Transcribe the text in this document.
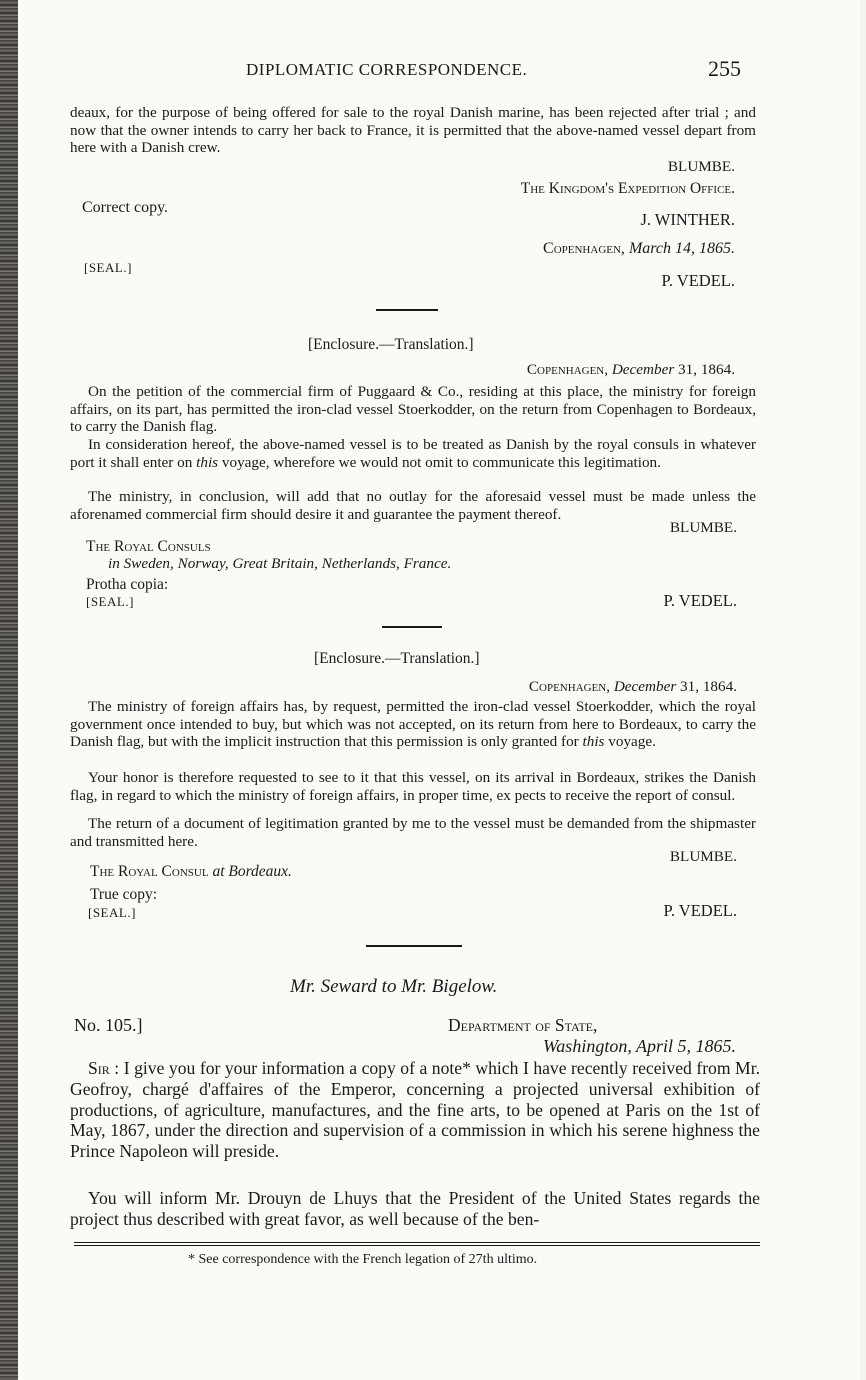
DIPLOMATIC CORRESPONDENCE.	255
deaux, for the purpose of being offered for sale to the royal Danish marine, has been rejected after trial ; and now that the owner intends to carry her back to France, it is permitted that the above-named vessel depart from here with a Danish crew.
BLUMBE.
The Kingdom's Expedition Office.
Correct copy.
J. WINTHER.
Copenhagen, March 14, 1865.
[SEAL.]
P. VEDEL.
[Enclosure.—Translation.]
Copenhagen, December 31, 1864.
On the petition of the commercial firm of Puggaard & Co., residing at this place, the ministry for foreign affairs, on its part, has permitted the iron-clad vessel Stoerkodder, on the return from Copenhagen to Bordeaux, to carry the Danish flag.
In consideration hereof, the above-named vessel is to be treated as Danish by the royal consuls in whatever port it shall enter on this voyage, wherefore we would not omit to communicate this legitimation.
The ministry, in conclusion, will add that no outlay for the aforesaid vessel must be made unless the aforenamed commercial firm should desire it and guarantee the payment thereof.
BLUMBE.
The Royal Consuls
in Sweden, Norway, Great Britain, Netherlands, France.
Protha copia:
[SEAL.]	P. VEDEL.
[Enclosure.—Translation.]
Copenhagen, December 31, 1864.
The ministry of foreign affairs has, by request, permitted the iron-clad vessel Stoerkodder, which the royal government once intended to buy, but which was not accepted, on its return from here to Bordeaux, to carry the Danish flag, but with the implicit instruction that this permission is only granted for this voyage.
Your honor is therefore requested to see to it that this vessel, on its arrival in Bordeaux, strikes the Danish flag, in regard to which the ministry of foreign affairs, in proper time, ex pects to receive the report of consul.
The return of a document of legitimation granted by me to the vessel must be demanded from the shipmaster and transmitted here.
BLUMBE.
The Royal Consul at Bordeaux.
True copy:
[SEAL.]	P. VEDEL.
Mr. Seward to Mr. Bigelow.
No. 105.]	Department of State,
Washington, April 5, 1865.
Sir : I give you for your information a copy of a note* which I have recently received from Mr. Geofroy, chargé d'affaires of the Emperor, concerning a projected universal exhibition of productions, of agriculture, manufactures, and the fine arts, to be opened at Paris on the 1st of May, 1867, under the direction and supervision of a commission in which his serene highness the Prince Napoleon will preside.
You will inform Mr. Drouyn de Lhuys that the President of the United States regards the project thus described with great favor, as well because of the ben-
* See correspondence with the French legation of 27th ultimo.
